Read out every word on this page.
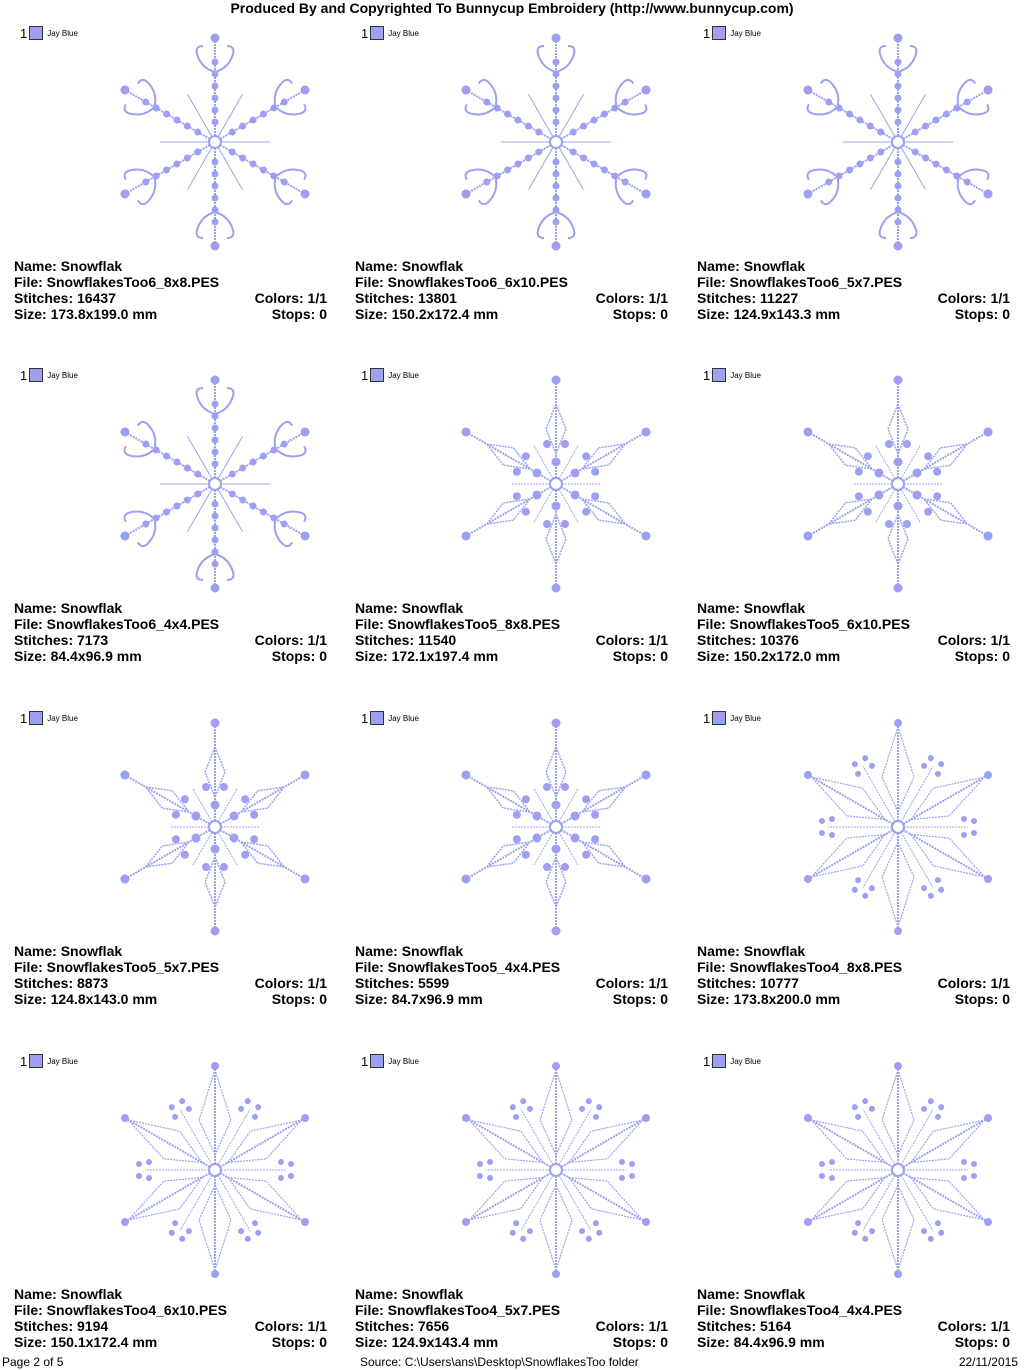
Produced By and Copyrighted To Bunnycup Embroidery (http://www.bunnycup.com)
1	Jay Blue
Name: Snowflak
File: SnowflakesToo6_8x8.PES
Stitches: 16437	Colors: 1/1
Size: 173.8x199.0 mm	Stops: 0
1	Jay Blue
Name: Snowflak
File: SnowflakesToo6_6x10.PES
Stitches: 13801	Colors: 1/1
Size: 150.2x172.4 mm	Stops: 0
1	Jay Blue
Name: Snowflak
File: SnowflakesToo6_5x7.PES
Stitches: 11227	Colors: 1/1
Size: 124.9x143.3 mm	Stops: 0
1	Jay Blue
Name: Snowflak
File: SnowflakesToo6_4x4.PES
Stitches: 7173	Colors: 1/1
Size: 84.4x96.9 mm	Stops: 0
1	Jay Blue
Name: Snowflak
File: SnowflakesToo5_8x8.PES
Stitches: 11540	Colors: 1/1
Size: 172.1x197.4 mm	Stops: 0
1	Jay Blue
Name: Snowflak
File: SnowflakesToo5_6x10.PES
Stitches: 10376	Colors: 1/1
Size: 150.2x172.0 mm	Stops: 0
1	Jay Blue
Name: Snowflak
File: SnowflakesToo5_5x7.PES
Stitches: 8873	Colors: 1/1
Size: 124.8x143.0 mm	Stops: 0
1	Jay Blue
Name: Snowflak
File: SnowflakesToo5_4x4.PES
Stitches: 5599	Colors: 1/1
Size: 84.7x96.9 mm	Stops: 0
1	Jay Blue
Name: Snowflak
File: SnowflakesToo4_8x8.PES
Stitches: 10777	Colors: 1/1
Size: 173.8x200.0 mm	Stops: 0
1	Jay Blue
Name: Snowflak
File: SnowflakesToo4_6x10.PES
Stitches: 9194	Colors: 1/1
Size: 150.1x172.4 mm	Stops: 0
1	Jay Blue
Name: Snowflak
File: SnowflakesToo4_5x7.PES
Stitches: 7656	Colors: 1/1
Size: 124.9x143.4 mm	Stops: 0
1	Jay Blue
Name: Snowflak
File: SnowflakesToo4_4x4.PES
Stitches: 5164	Colors: 1/1
Size: 84.4x96.9 mm	Stops: 0
Page 2 of 5	Source: C:\Users\ans\Desktop\SnowflakesToo folder	22/11/2015
